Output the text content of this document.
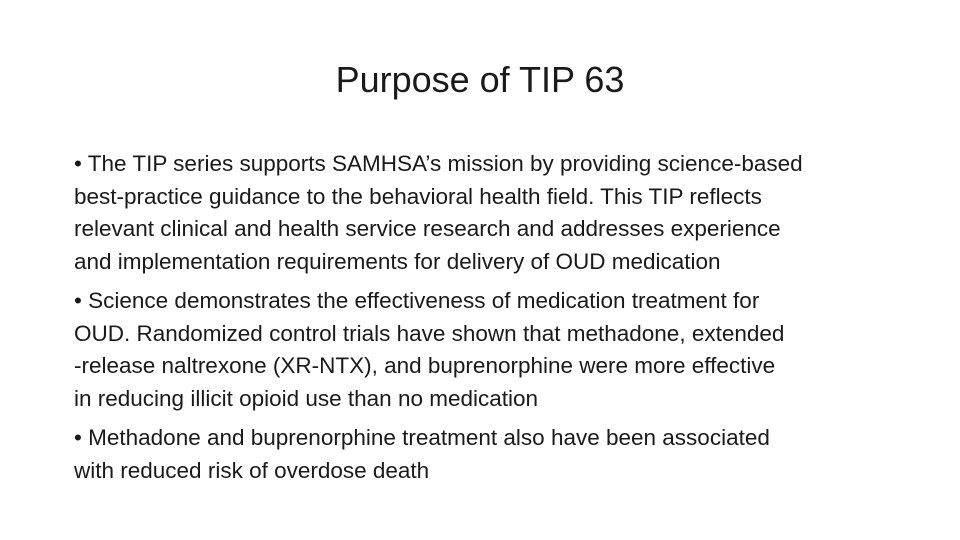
Purpose of TIP 63

• The TIP series supports SAMHSA’s mission by providing science-based
best-practice guidance to the behavioral health field. This TIP reflects
relevant clinical and health service research and addresses experience
and implementation requirements for delivery of OUD medication

• Science demonstrates the effectiveness of medication treatment for
OUD. Randomized control trials have shown that methadone, extended
-release naltrexone (XR-NTX), and buprenorphine were more effective
in reducing illicit opioid use than no medication

• Methadone and buprenorphine treatment also have been associated
with reduced risk of overdose death
